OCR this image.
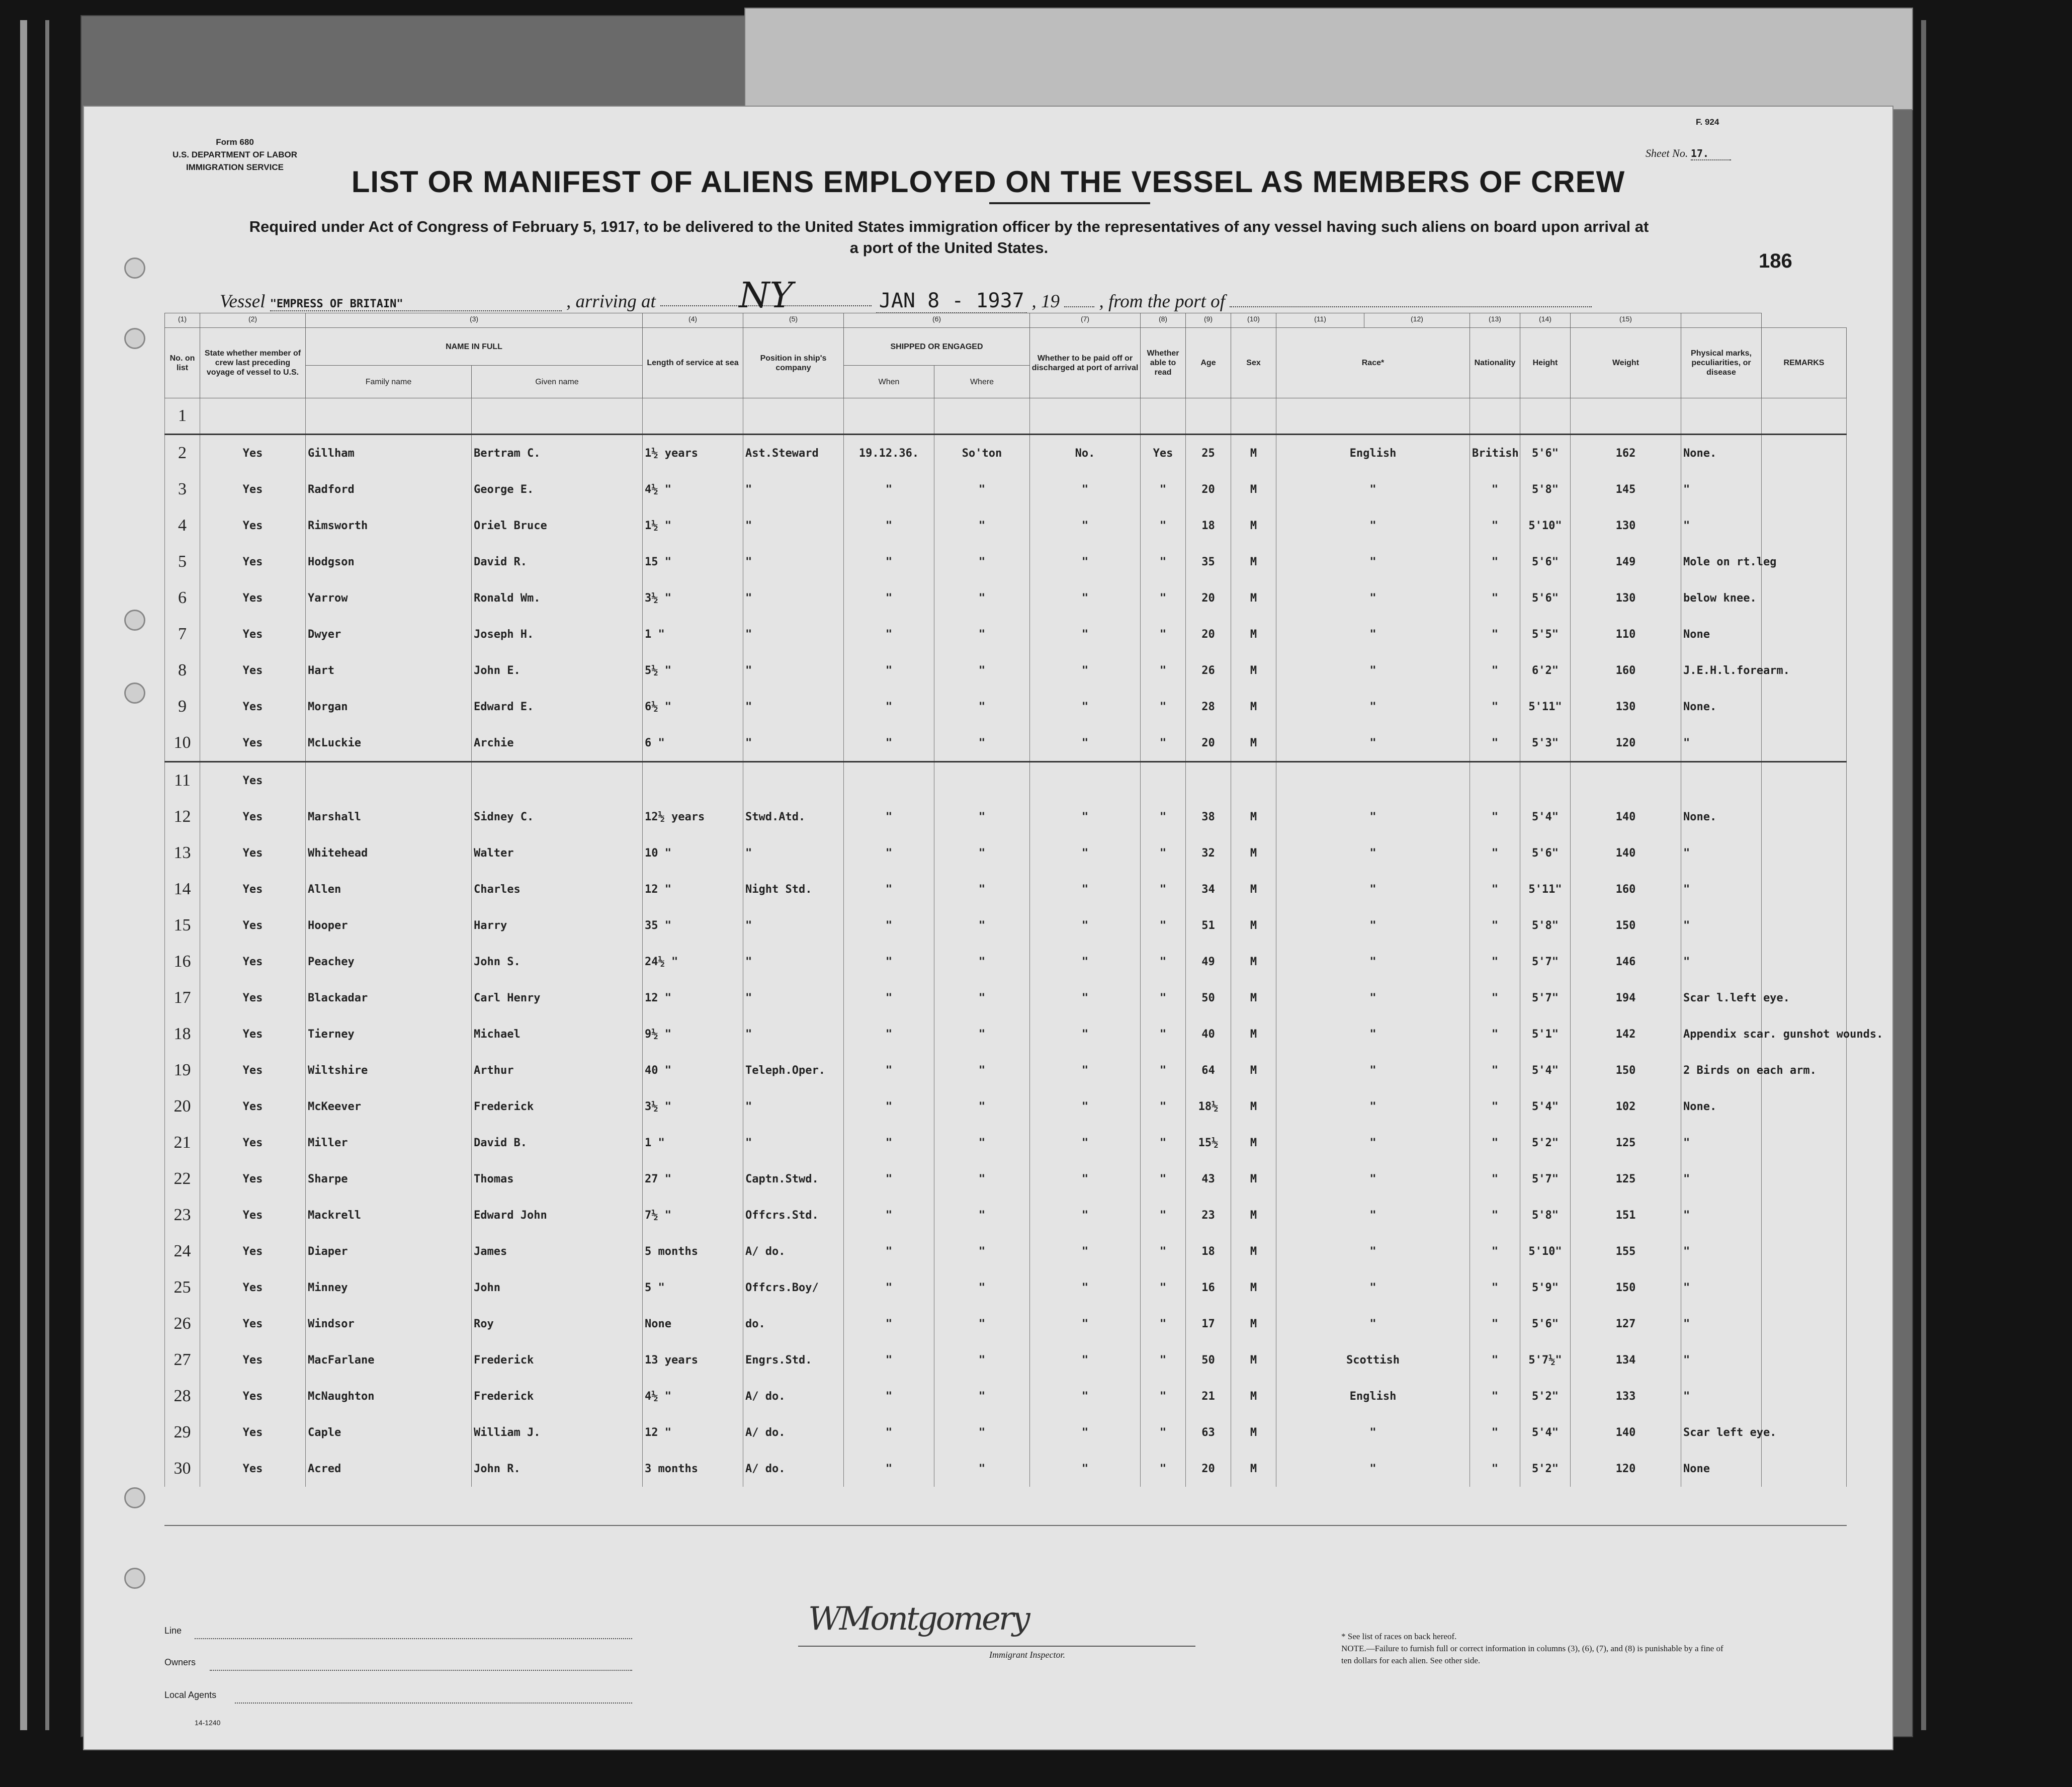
Form 680
U.S. DEPARTMENT OF LABOR
IMMIGRATION SERVICE
F. 924
Sheet No. 17.
LIST OR MANIFEST OF ALIENS EMPLOYED ON THE VESSEL AS MEMBERS OF CREW
Required under Act of Congress of February 5, 1917, to be delivered to the United States immigration officer by the representatives of any vessel having such aliens on board upon arrival at a port of the United States.
186
Vessel "EMPRESS OF BRITAIN"	, arriving at NY	JAN 8 - 1937 , 19 , from the port of
(1)	(2)	(3)		(4)	(5)	(6)		(7)	(8)	(9)	(10)	(11)	(12)	(13)	(14)	(15)		
No. on list	State whether member of crew last preceding voyage of vessel to U.S.	NAME IN FULL		Length of service at sea	Position in ship's company	SHIPPED OR ENGAGED		Whether to be paid off or discharged at port of arrival	Whether able to read	Age	Sex	Race*		Nationality	Height	Weight	Physical marks, peculiarities, or disease	REMARKS
		Family name	Given name			When	Where											
1																		
2	Yes	Gillham	Bertram C.	1½ years	Ast.Steward	19.12.36.	So'ton	No.	Yes	25	M	English		British	5'6"	162	None.	
3	Yes	Radford	George E.	4½ "	"	"	"	"	"	20	M	"		"	5'8"	145	"	
4	Yes	Rimsworth	Oriel Bruce	1½ "	"	"	"	"	"	18	M	"		"	5'10"	130	"	
5	Yes	Hodgson	David R.	15 "	"	"	"	"	"	35	M	"		"	5'6"	149	Mole on rt.leg	
6	Yes	Yarrow	Ronald Wm.	3½ "	"	"	"	"	"	20	M	"		"	5'6"	130	below knee.	
7	Yes	Dwyer	Joseph H.	1 "	"	"	"	"	"	20	M	"		"	5'5"	110	None	
8	Yes	Hart	John E.	5½ "	"	"	"	"	"	26	M	"		"	6'2"	160	J.E.H.l.forearm.	
9	Yes	Morgan	Edward E.	6½ "	"	"	"	"	"	28	M	"		"	5'11"	130	None.	
10	Yes	McLuckie	Archie	6 "	"	"	"	"	"	20	M	"		"	5'3"	120	"	
11	Yes																	
12	Yes	Marshall	Sidney C.	12½ years	Stwd.Atd.	"	"	"	"	38	M	"		"	5'4"	140	None.	
13	Yes	Whitehead	Walter	10 "	"	"	"	"	"	32	M	"		"	5'6"	140	"	
14	Yes	Allen	Charles	12 "	Night Std.	"	"	"	"	34	M	"		"	5'11"	160	"	
15	Yes	Hooper	Harry	35 "	"	"	"	"	"	51	M	"		"	5'8"	150	"	
16	Yes	Peachey	John S.	24½ "	"	"	"	"	"	49	M	"		"	5'7"	146	"	
17	Yes	Blackadar	Carl Henry	12 "	"	"	"	"	"	50	M	"		"	5'7"	194	Scar l.left eye.	
18	Yes	Tierney	Michael	9½ "	"	"	"	"	"	40	M	"		"	5'1"	142	Appendix scar. gunshot wounds.	
19	Yes	Wiltshire	Arthur	40 "	Teleph.Oper.	"	"	"	"	64	M	"		"	5'4"	150	2 Birds on each arm.	
20	Yes	McKeever	Frederick	3½ "	"	"	"	"	"	18½	M	"		"	5'4"	102	None.	
21	Yes	Miller	David B.	1 "	"	"	"	"	"	15½	M	"		"	5'2"	125	"	
22	Yes	Sharpe	Thomas	27 "	Captn.Stwd.	"	"	"	"	43	M	"		"	5'7"	125	"	
23	Yes	Mackrell	Edward John	7½ "	Offcrs.Std.	"	"	"	"	23	M	"		"	5'8"	151	"	
24	Yes	Diaper	James	5 months	A/ do.	"	"	"	"	18	M	"		"	5'10"	155	"	
25	Yes	Minney	John	5 "	Offcrs.Boy/	"	"	"	"	16	M	"		"	5'9"	150	"	
26	Yes	Windsor	Roy	None	do.	"	"	"	"	17	M	"		"	5'6"	127	"	
27	Yes	MacFarlane	Frederick	13 years	Engrs.Std.	"	"	"	"	50	M	Scottish		"	5'7½"	134	"	
28	Yes	McNaughton	Frederick	4½ "	A/ do.	"	"	"	"	21	M	English		"	5'2"	133	"	
29	Yes	Caple	William J.	12 "	A/ do.	"	"	"	"	63	M	"		"	5'4"	140	Scar left eye.	
30	Yes	Acred	John R.	3 months	A/ do.	"	"	"	"	20	M	"		"	5'2"	120	None	
Line
Owners
Local Agents
14-1240
WMontgomery
Immigrant Inspector.
* See list of races on back hereof.
NOTE.—Failure to furnish full or correct information in columns (3), (6), (7), and (8) is punishable by a fine of ten dollars for each alien. See other side.
